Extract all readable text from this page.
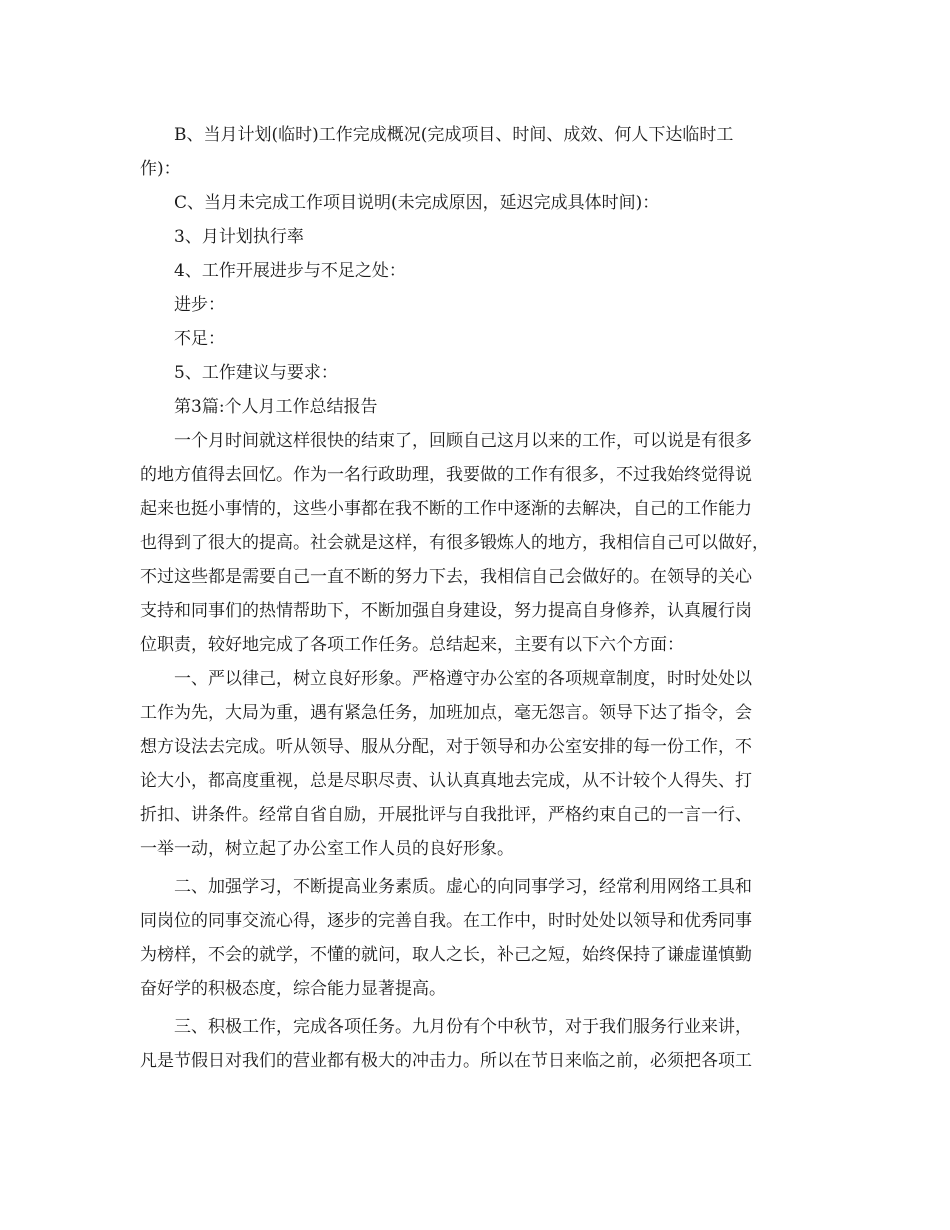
B、当月计划(临时)工作完成概况(完成项目、时间、成效、何人下达临时工

作)：

C、当月未完成工作项目说明(未完成原因，延迟完成具体时间)：

3、月计划执行率

4、工作开展进步与不足之处：

进步：

不足：

5、工作建议与要求：

第3篇:个人月工作总结报告

一个月时间就这样很快的结束了，回顾自己这月以来的工作，可以说是有很多

的地方值得去回忆。作为一名行政助理，我要做的工作有很多，不过我始终觉得说

起来也挺小事情的，这些小事都在我不断的工作中逐渐的去解决，自己的工作能力

也得到了很大的提高。社会就是这样，有很多锻炼人的地方，我相信自己可以做好，

不过这些都是需要自己一直不断的努力下去，我相信自己会做好的。在领导的关心

支持和同事们的热情帮助下，不断加强自身建设，努力提高自身修养，认真履行岗

位职责，较好地完成了各项工作任务。总结起来，主要有以下六个方面：

一、严以律己，树立良好形象。严格遵守办公室的各项规章制度，时时处处以

工作为先，大局为重，遇有紧急任务，加班加点，毫无怨言。领导下达了指令，会

想方设法去完成。听从领导、服从分配，对于领导和办公室安排的每一份工作，不

论大小，都高度重视，总是尽职尽责、认认真真地去完成，从不计较个人得失、打

折扣、讲条件。经常自省自励，开展批评与自我批评，严格约束自己的一言一行、

一举一动，树立起了办公室工作人员的良好形象。

二、加强学习，不断提高业务素质。虚心的向同事学习，经常利用网络工具和

同岗位的同事交流心得，逐步的完善自我。在工作中，时时处处以领导和优秀同事

为榜样，不会的就学，不懂的就问，取人之长，补己之短，始终保持了谦虚谨慎勤

奋好学的积极态度，综合能力显著提高。

三、积极工作，完成各项任务。九月份有个中秋节，对于我们服务行业来讲，

凡是节假日对我们的营业都有极大的冲击力。所以在节日来临之前，必须把各项工
